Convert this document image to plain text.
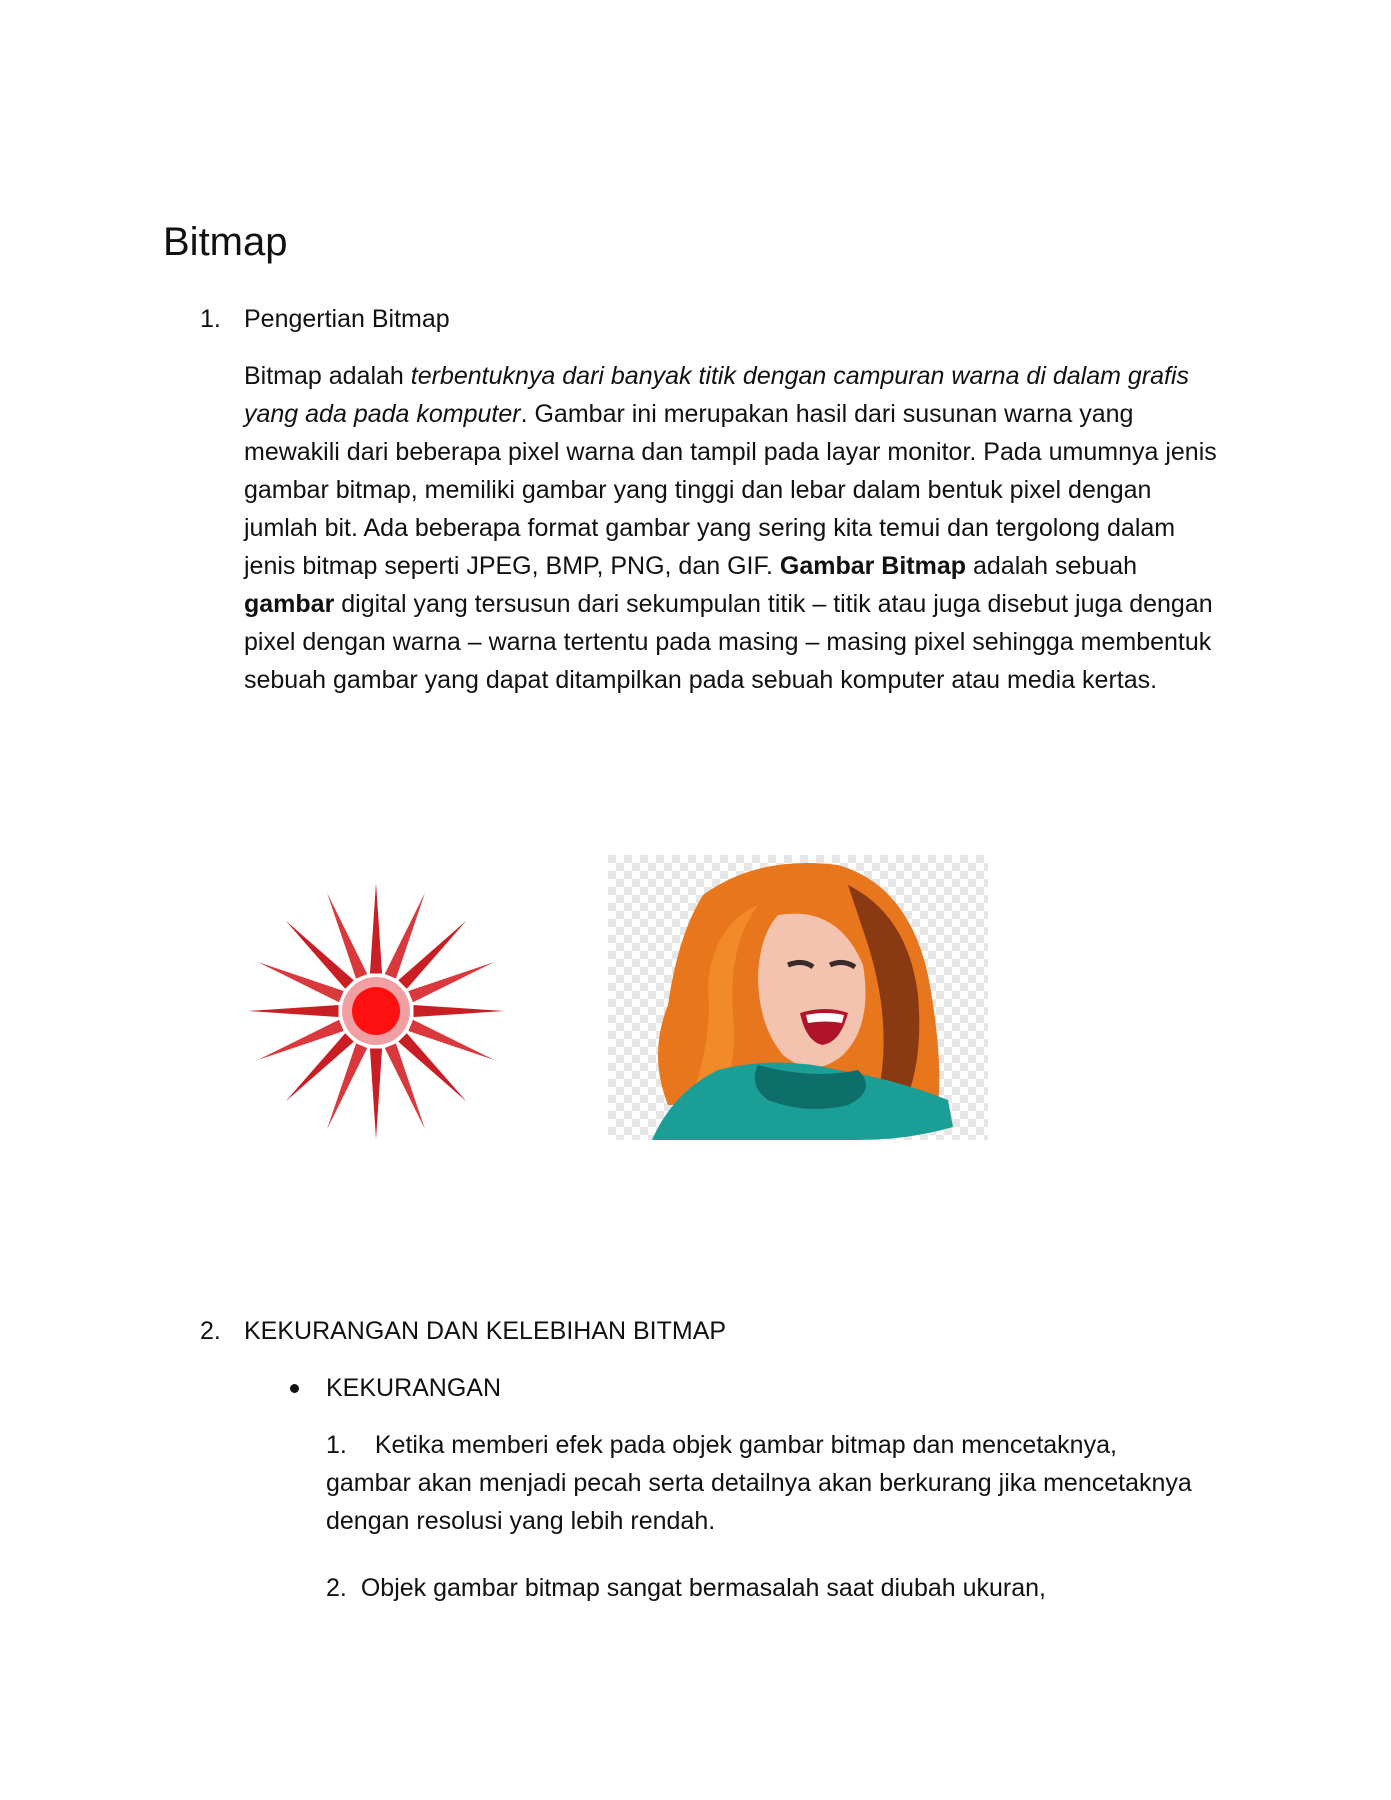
Bitmap
1. Pengertian Bitmap

Bitmap adalah terbentuknya dari banyak titik dengan campuran warna di dalam grafis yang ada pada komputer. Gambar ini merupakan hasil dari susunan warna yang mewakili dari beberapa pixel warna dan tampil pada layar monitor. Pada umumnya jenis gambar bitmap, memiliki gambar yang tinggi dan lebar dalam bentuk pixel dengan jumlah bit. Ada beberapa format gambar yang sering kita temui dan tergolong dalam jenis bitmap seperti JPEG, BMP, PNG, dan GIF. Gambar Bitmap adalah sebuah gambar digital yang tersusun dari sekumpulan titik – titik atau juga disebut juga dengan pixel dengan warna – warna tertentu pada masing – masing pixel sehingga membentuk sebuah gambar yang dapat ditampilkan pada sebuah komputer atau media kertas.

2. KEKURANGAN DAN KELEBIHAN BITMAP
KEKURANGAN
1. Ketika memberi efek pada objek gambar bitmap dan mencetaknya, gambar akan menjadi pecah serta detailnya akan berkurang jika mencetaknya dengan resolusi yang lebih rendah.
2. Objek gambar bitmap sangat bermasalah saat diubah ukuran,
